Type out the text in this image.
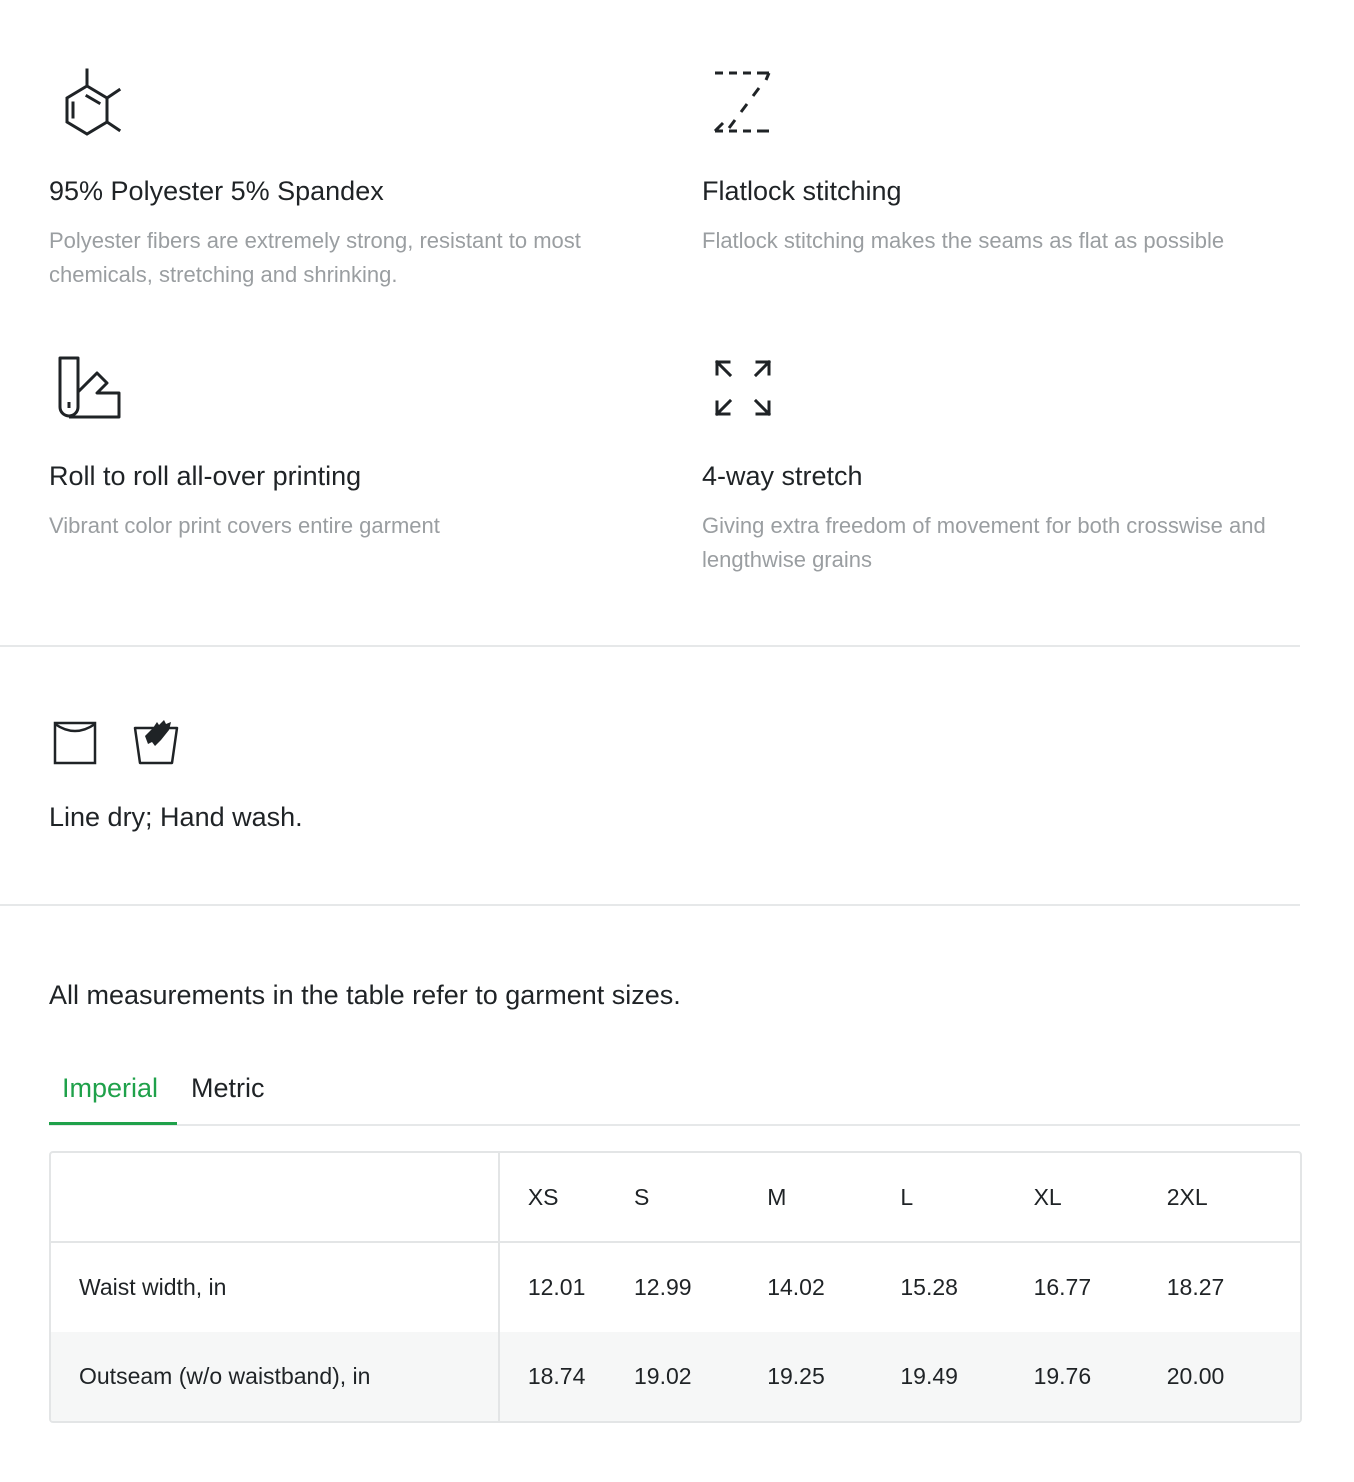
95% Polyester 5% Spandex
Polyester fibers are extremely strong, resistant to most chemicals, stretching and shrinking.
Flatlock stitching
Flatlock stitching makes the seams as flat as possible
Roll to roll all-over printing
Vibrant color print covers entire garment
4-way stretch
Giving extra freedom of movement for both crosswise and lengthwise grains
Line dry; Hand wash.
All measurements in the table refer to garment sizes.
Imperial	Metric
	XS	S	M	L	XL	2XL
Waist width, in	12.01	12.99	14.02	15.28	16.77	18.27
Outseam (w/o waistband), in	18.74	19.02	19.25	19.49	19.76	20.00
